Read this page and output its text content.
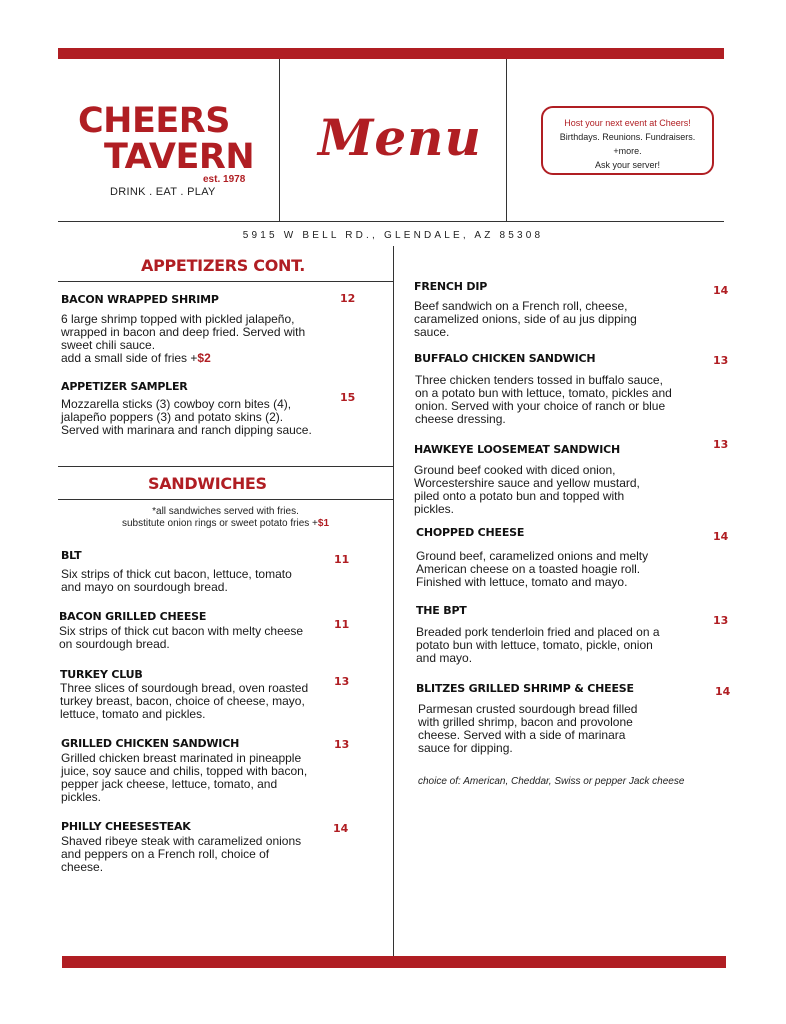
CHEERS
TAVERN
est. 1978
DRINK . EAT . PLAY
Menu	Host your next event at Cheers!
Birthdays. Reunions. Fundraisers.
+more.
Ask your server!
5915 W BELL RD., GLENDALE, AZ 85308
APPETIZERS CONT.
BACON WRAPPED SHRIMP	12
6 large shrimp topped with pickled jalapeño, wrapped in bacon and deep fried. Served with sweet chili sauce.
add a small side of fries +$2
APPETIZER SAMPLER
15
Mozzarella sticks (3) cowboy corn bites (4), jalapeño poppers (3) and potato skins (2). Served with marinara and ranch dipping sauce.
SANDWICHES
*all sandwiches served with fries.
substitute onion rings or sweet potato fries +$1
BLT	11
Six strips of thick cut bacon, lettuce, tomato and mayo on sourdough bread.
BACON GRILLED CHEESE
11
Six strips of thick cut bacon with melty cheese on sourdough bread.
TURKEY CLUB
13
Three slices of sourdough bread, oven roasted turkey breast, bacon, choice of cheese, mayo, lettuce, tomato and pickles.
GRILLED CHICKEN SANDWICH	13
Grilled chicken breast marinated in pineapple juice, soy sauce and chilis, topped with bacon, pepper jack cheese, lettuce, tomato, and pickles.
PHILLY CHEESESTEAK	14
Shaved ribeye steak with caramelized onions and peppers on a French roll, choice of cheese.
FRENCH DIP	14
Beef sandwich on a French roll, cheese, caramelized onions, side of au jus dipping sauce.
BUFFALO CHICKEN SANDWICH	13
Three chicken tenders tossed in buffalo sauce, on a potato bun with lettuce, tomato, pickles and onion. Served with your choice of ranch or blue cheese dressing.
HAWKEYE LOOSEMEAT SANDWICH	13
Ground beef cooked with diced onion, Worcestershire sauce and yellow mustard, piled onto a potato bun and topped with pickles.
CHOPPED CHEESE	14
Ground beef, caramelized onions and melty American cheese on a toasted hoagie roll. Finished with lettuce, tomato and mayo.
THE BPT
13
Breaded pork tenderloin fried and placed on a potato bun with lettuce, tomato, pickle, onion and mayo.
BLITZES GRILLED SHRIMP & CHEESE	14
Parmesan crusted sourdough bread filled with grilled shrimp, bacon and provolone cheese. Served with a side of marinara sauce for dipping.
choice of: American, Cheddar, Swiss or pepper Jack cheese
